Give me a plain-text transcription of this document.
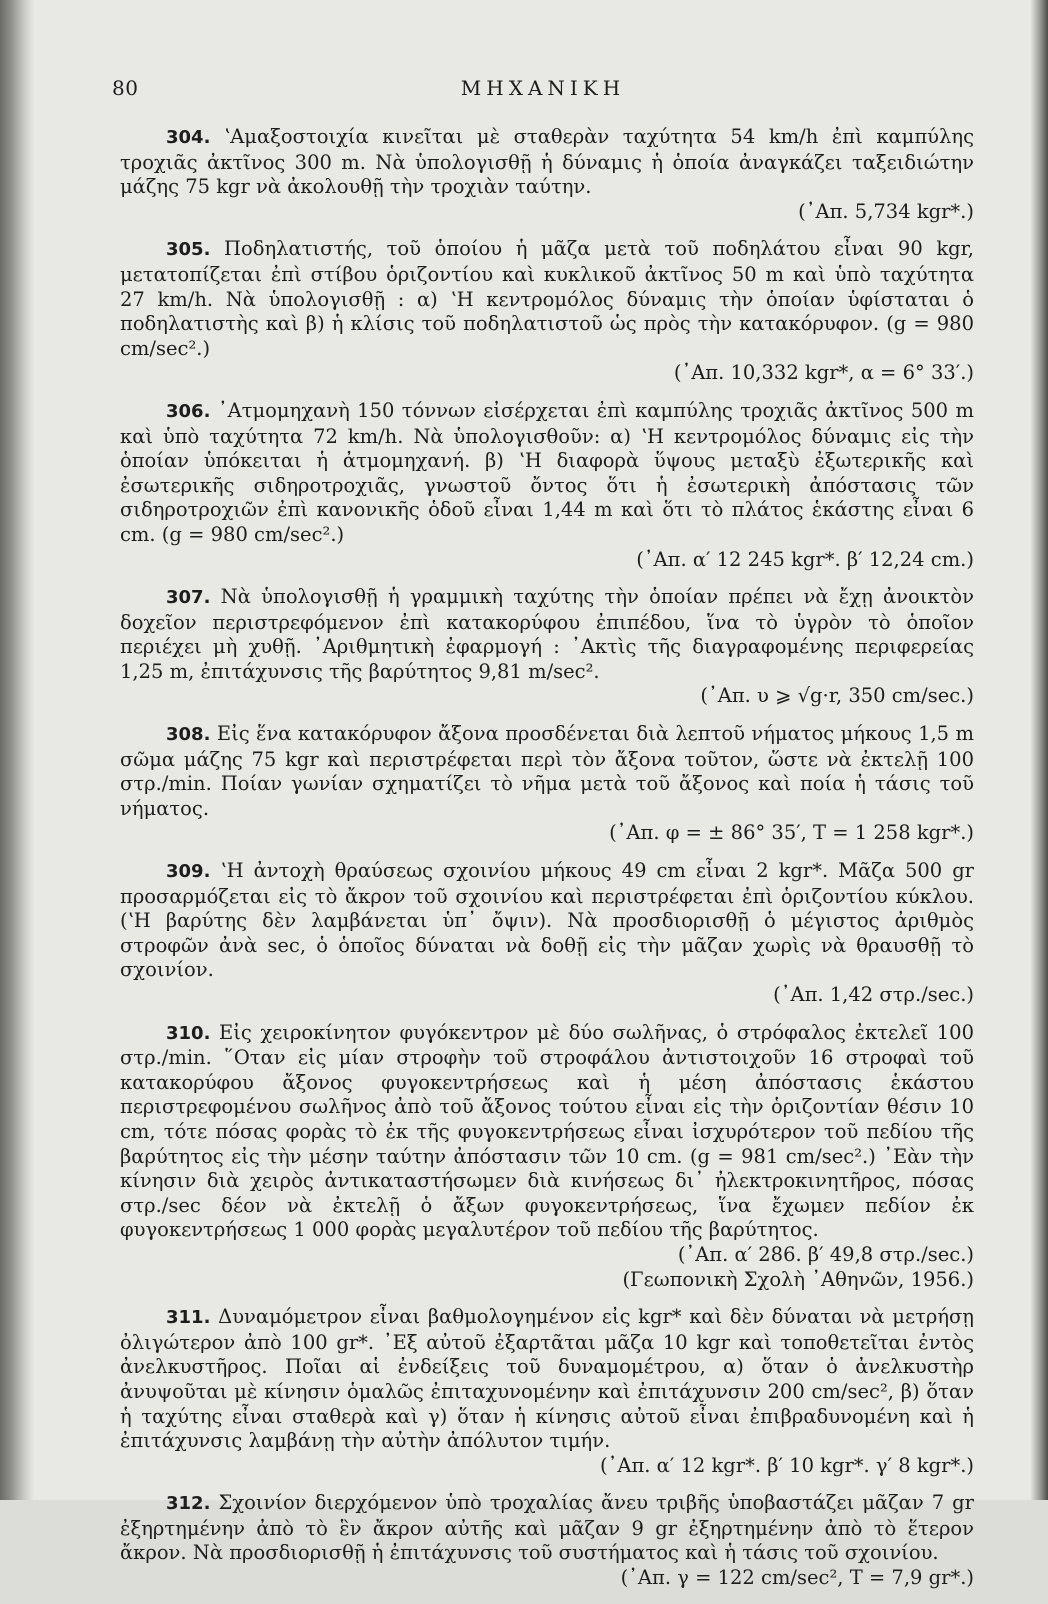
80	ΜΗΧΑΝΙΚΗ

304. ʽΑμαξοστοιχία κινεῖται μὲ σταθερὰν ταχύτητα 54 km/h ἐπὶ καμπύλης τροχιᾶς ἀκτῖνος 300 m. Νὰ ὑπολογισθῇ ἡ δύναμις ἡ ὁποία ἀναγκάζει ταξειδιώτην μάζης 75 kgr νὰ ἀκολουθῇ τὴν τροχιὰν ταύτην.
(᾿Απ. 5,734 kgr*.)

305. Ποδηλατιστής, τοῦ ὁποίου ἡ μᾶζα μετὰ τοῦ ποδηλάτου εἶναι 90 kgr, μετατοπίζεται ἐπὶ στίβου ὁριζοντίου καὶ κυκλικοῦ ἀκτῖνος 50 m καὶ ὑπὸ ταχύτητα 27 km/h. Νὰ ὑπολογισθῇ : α) ʽΗ κεντρομόλος δύναμις τὴν ὁποίαν ὑφίσταται ὁ ποδηλατιστὴς καὶ β) ἡ κλίσις τοῦ ποδηλατιστοῦ ὡς πρὸς τὴν κατακόρυφον. (g = 980 cm/sec².)
(᾿Απ. 10,332 kgr*, α = 6° 33′.)

306. ᾿Ατμομηχανὴ 150 τόννων εἰσέρχεται ἐπὶ καμπύλης τροχιᾶς ἀκτῖνος 500 m καὶ ὑπὸ ταχύτητα 72 km/h. Νὰ ὑπολογισθοῦν: α) ʽΗ κεντρομόλος δύναμις εἰς τὴν ὁποίαν ὑπόκειται ἡ ἀτμομηχανή. β) ʽΗ διαφορὰ ὕψους μεταξὺ ἐξωτερικῆς καὶ ἐσωτερικῆς σιδηροτροχιᾶς, γνωστοῦ ὄντος ὅτι ἡ ἐσωτερικὴ ἀπόστασις τῶν σιδηροτροχιῶν ἐπὶ κανονικῆς ὁδοῦ εἶναι 1,44 m καὶ ὅτι τὸ πλάτος ἑκάστης εἶναι 6 cm. (g = 980 cm/sec².)
(᾿Απ. α′ 12 245 kgr*. β′ 12,24 cm.)

307. Νὰ ὑπολογισθῇ ἡ γραμμικὴ ταχύτης τὴν ὁποίαν πρέπει νὰ ἔχῃ ἀνοικτὸν δοχεῖον περιστρεφόμενον ἐπὶ κατακορύφου ἐπιπέδου, ἵνα τὸ ὑγρὸν τὸ ὁποῖον περιέχει μὴ χυθῇ. ᾿Αριθμητικὴ ἐφαρμογή : ᾿Ακτὶς τῆς διαγραφομένης περιφερείας 1,25 m, ἐπιτάχυνσις τῆς βαρύτητος 9,81 m/sec².
(᾿Απ. υ ⩾ √g·r, 350 cm/sec.)

308. Εἰς ἕνα κατακόρυφον ἄξονα προσδένεται διὰ λεπτοῦ νήματος μήκους 1,5 m σῶμα μάζης 75 kgr καὶ περιστρέφεται περὶ τὸν ἄξονα τοῦτον, ὥστε νὰ ἐκτελῇ 100 στρ./min. Ποίαν γωνίαν σχηματίζει τὸ νῆμα μετὰ τοῦ ἄξονος καὶ ποία ἡ τάσις τοῦ νήματος.
(᾿Απ. φ = ± 86° 35′, T = 1 258 kgr*.)

309. ʽΗ ἀντοχὴ θραύσεως σχοινίου μήκους 49 cm εἶναι 2 kgr*. Μᾶζα 500 gr προσαρμόζεται εἰς τὸ ἄκρον τοῦ σχοινίου καὶ περιστρέφεται ἐπὶ ὁριζοντίου κύκλου. (ʽΗ βαρύτης δὲν λαμβάνεται ὑπ᾿ ὄψιν). Νὰ προσδιορισθῇ ὁ μέγιστος ἀριθμὸς στροφῶν ἀνὰ sec, ὁ ὁποῖος δύναται νὰ δοθῇ εἰς τὴν μᾶζαν χωρὶς νὰ θραυσθῇ τὸ σχοινίον.
(᾿Απ. 1,42 στρ./sec.)

310. Εἰς χειροκίνητον φυγόκεντρον μὲ δύο σωλῆνας, ὁ στρόφαλος ἐκτελεῖ 100 στρ./min. ῞Οταν εἰς μίαν στροφὴν τοῦ στροφάλου ἀντιστοιχοῦν 16 στροφαὶ τοῦ κατακορύφου ἄξονος φυγοκεντρήσεως καὶ ἡ μέση ἀπόστασις ἑκάστου περιστρεφομένου σωλῆνος ἀπὸ τοῦ ἄξονος τούτου εἶναι εἰς τὴν ὁριζοντίαν θέσιν 10 cm, τότε πόσας φορὰς τὸ ἐκ τῆς φυγοκεντρήσεως εἶναι ἰσχυρότερον τοῦ πεδίου τῆς βαρύτητος εἰς τὴν μέσην ταύτην ἀπόστασιν τῶν 10 cm. (g = 981 cm/sec².) ᾿Εὰν τὴν κίνησιν διὰ χειρὸς ἀντικαταστήσωμεν διὰ κινήσεως δι᾿ ἠλεκτροκινητῆρος, πόσας στρ./sec δέον νὰ ἐκτελῇ ὁ ἄξων φυγοκεντρήσεως, ἵνα ἔχωμεν πεδίον ἐκ φυγοκεντρήσεως 1 000 φορὰς μεγαλυτέρον τοῦ πεδίου τῆς βαρύτητος.
(᾿Απ. α′ 286. β′ 49,8 στρ./sec.)
(Γεωπονικὴ Σχολὴ ᾿Αθηνῶν, 1956.)

311. Δυναμόμετρον εἶναι βαθμολογημένον εἰς kgr* καὶ δὲν δύναται νὰ μετρήσῃ ὀλιγώτερον ἀπὸ 100 gr*. ᾿Εξ αὐτοῦ ἐξαρτᾶται μᾶζα 10 kgr καὶ τοποθετεῖται ἐντὸς ἀνελκυστῆρος. Ποῖαι αἱ ἐνδείξεις τοῦ δυναμομέτρου, α) ὅταν ὁ ἀνελκυστὴρ ἀνυψοῦται μὲ κίνησιν ὁμαλῶς ἐπιταχυνομένην καὶ ἐπιτάχυνσιν 200 cm/sec², β) ὅταν ἡ ταχύτης εἶναι σταθερὰ καὶ γ) ὅταν ἡ κίνησις αὐτοῦ εἶναι ἐπιβραδυνομένη καὶ ἡ ἐπιτάχυνσις λαμβάνῃ τὴν αὐτὴν ἀπόλυτον τιμήν.
(᾿Απ. α′ 12 kgr*. β′ 10 kgr*. γ′ 8 kgr*.)

312. Σχοινίον διερχόμενον ὑπὸ τροχαλίας ἄνευ τριβῆς ὑποβαστάζει μᾶζαν 7 gr ἐξηρτημένην ἀπὸ τὸ ἓν ἄκρον αὐτῆς καὶ μᾶζαν 9 gr ἐξηρτημένην ἀπὸ τὸ ἕτερον ἄκρον. Νὰ προσδιορισθῇ ἡ ἐπιτάχυνσις τοῦ συστήματος καὶ ἡ τάσις τοῦ σχοινίου.
(᾿Απ. γ = 122 cm/sec², T = 7,9 gr*.)
